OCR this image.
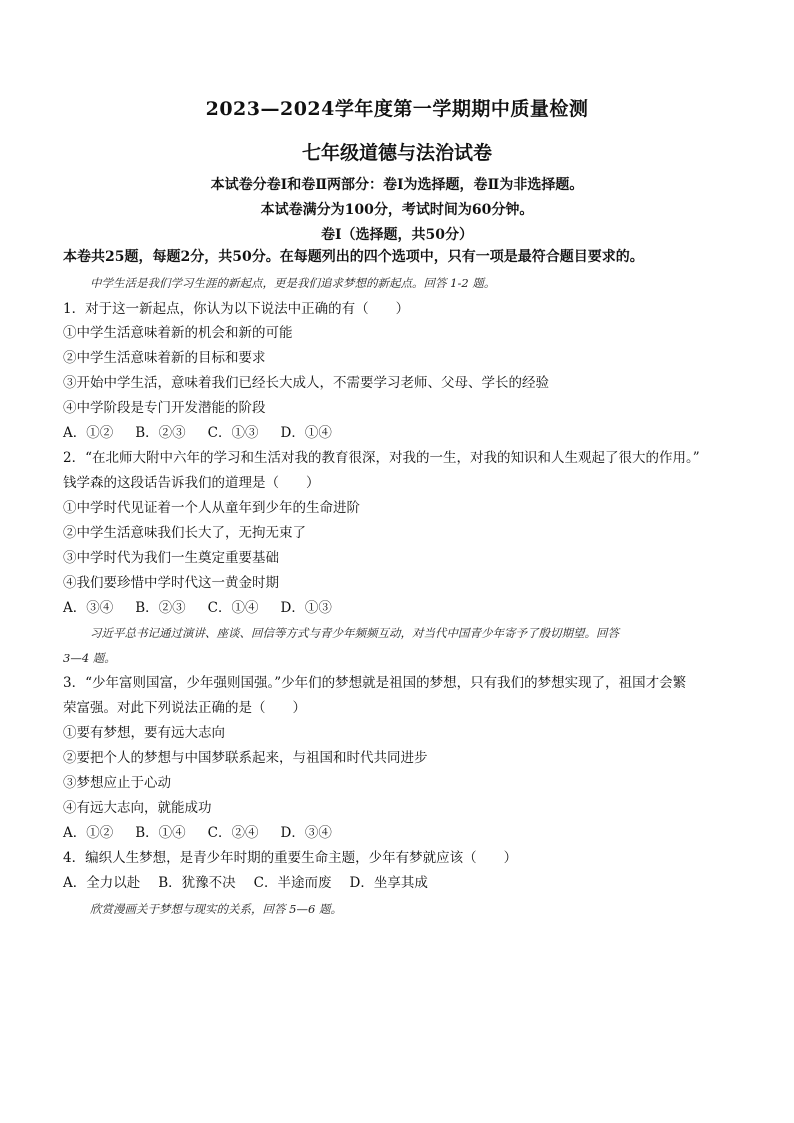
2023—2024学年度第一学期期中质量检测
七年级道德与法治试卷
本试卷分卷Ⅰ和卷Ⅱ两部分：卷Ⅰ为选择题，卷Ⅱ为非选择题。
本试卷满分为100分，考试时间为60分钟。
卷Ⅰ（选择题，共50分）
本卷共25题，每题2分，共50分。在每题列出的四个选项中，只有一项是最符合题目要求的。
中学生活是我们学习生涯的新起点，更是我们追求梦想的新起点。回答 1-2 题。
1．对于这一新起点，你认为以下说法中正确的有（　　）
①中学生活意味着新的机会和新的可能
②中学生活意味着新的目标和要求
③开始中学生活，意味着我们已经长大成人，不需要学习老师、父母、学长的经验
④中学阶段是专门开发潜能的阶段
A．①② B．②③ C．①③ D．①④
2．“在北师大附中六年的学习和生活对我的教育很深，对我的一生，对我的知识和人生观起了很大的作用。”
钱学森的这段话告诉我们的道理是（　　）
①中学时代见证着一个人从童年到少年的生命进阶
②中学生活意味我们长大了，无拘无束了
③中学时代为我们一生奠定重要基础
④我们要珍惜中学时代这一黄金时期
A．③④ B．②③ C．①④ D．①③
习近平总书记通过演讲、座谈、回信等方式与青少年频频互动，对当代中国青少年寄予了殷切期望。回答
3—4 题。
3．“少年富则国富，少年强则国强。”少年们的梦想就是祖国的梦想，只有我们的梦想实现了，祖国才会繁
荣富强。对此下列说法正确的是（　　）
①要有梦想，要有远大志向
②要把个人的梦想与中国梦联系起来，与祖国和时代共同进步
③梦想应止于心动
④有远大志向，就能成功
A．①② B．①④ C．②④ D．③④
4．编织人生梦想，是青少年时期的重要生命主题，少年有梦就应该（　　）
A．全力以赴 B．犹豫不决 C．半途而废 D．坐享其成
欣赏漫画关于梦想与现实的关系，回答 5—6 题。
